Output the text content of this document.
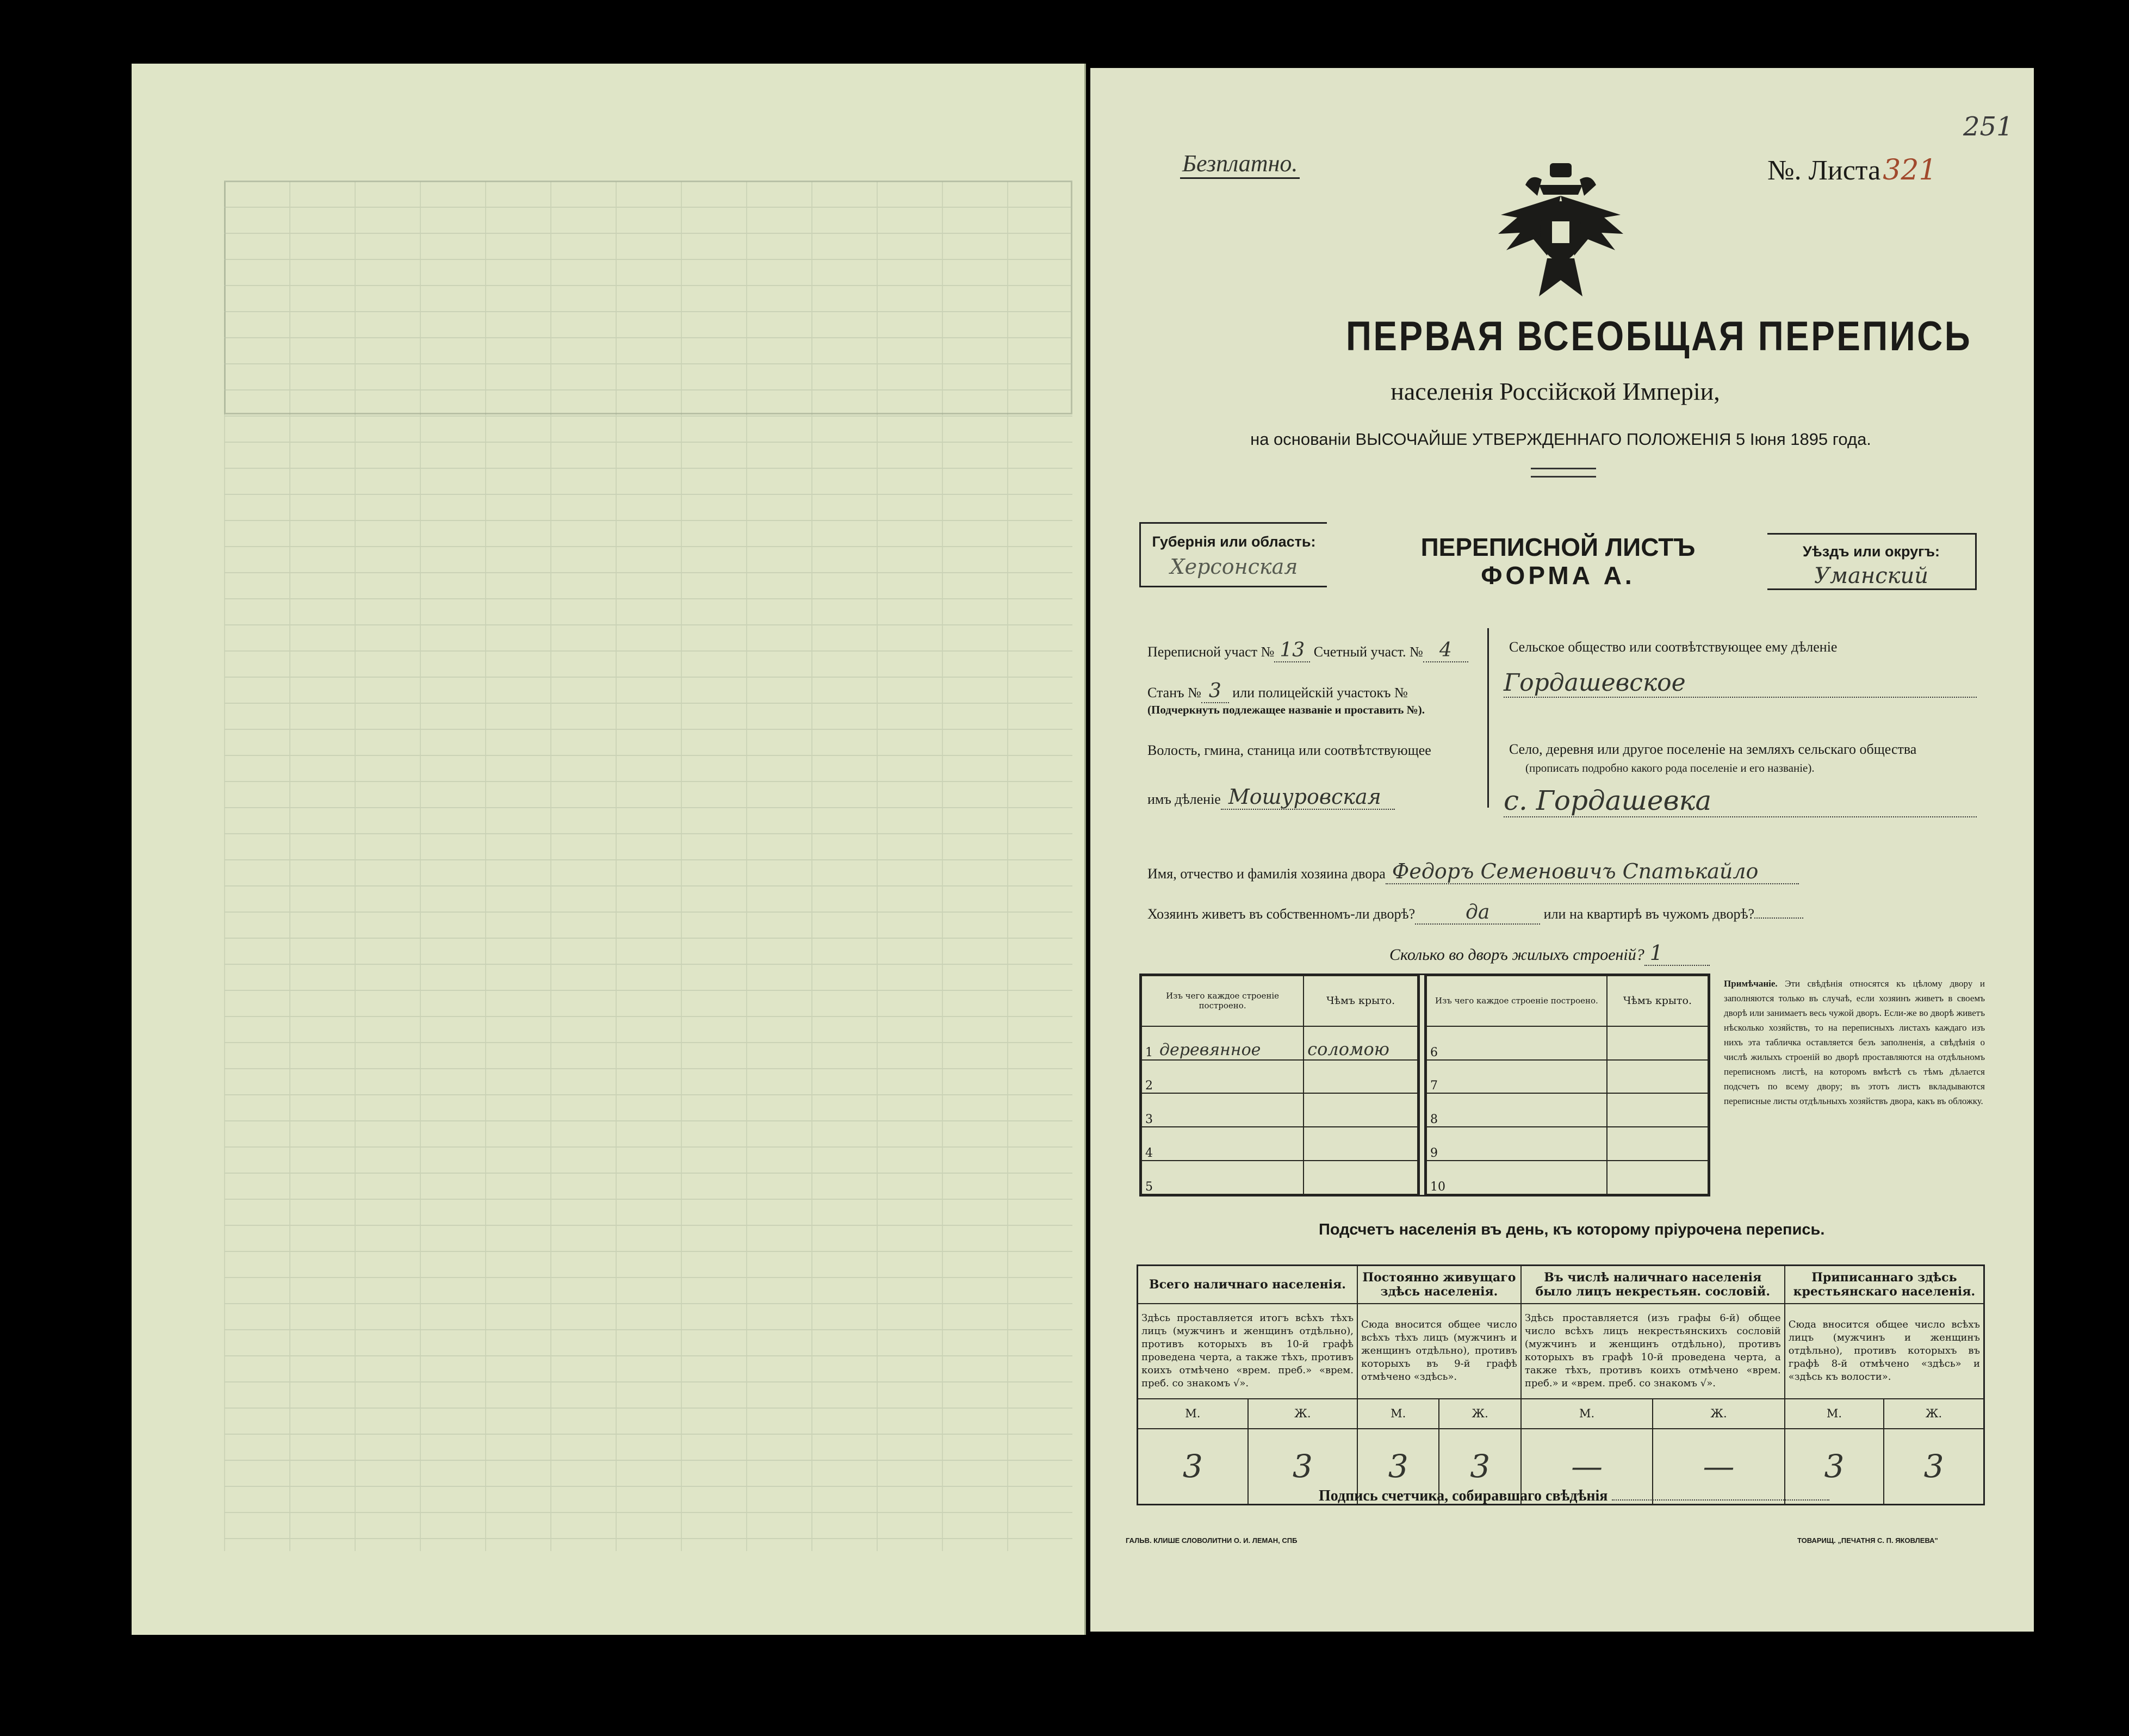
Безплатно.	№. Листа321
251
ПЕРВАЯ ВСЕОБЩАЯ ПЕРЕПИСЬ
населенія Россійской Имперіи,
на основаніи ВЫСОЧАЙШЕ УТВЕРЖДЕННАГО ПОЛОЖЕНІЯ 5 Іюня 1895 года.
Губернія или область:
Херсонская
ПЕРЕПИСНОЙ ЛИСТЪ
ФОРМА А.
Уѣздъ или округъ:
Уманский
Переписной участ № 13 Счетный участ. № 4
Станъ № 3 или полицейскій участокъ №
(Подчеркнуть подлежащее названіе и проставить №).
Волость, гмина, станица или соотвѣтствующее
имъ дѣленіе Мошуровская
Сельское общество или соотвѣтствующее ему дѣленіе
Гордашевское
Село, деревня или другое поселеніе на земляхъ сельскаго общества
(прописать подробно какого рода поселеніе и его названіе).
с. Гордашевка
Имя, отчество и фамилія хозяина двора Федоръ Семеновичъ Спатькайло
Хозяинъ живетъ въ собственномъ-ли дворѣ?	да	или на квартирѣ въ чужомъ дворѣ?
Сколько во дворъ жилыхъ строеній? 1
Изъ чего каждое строеніе построено.		Чѣмъ крыто.
1	деревянное	соломою
2		
3		
4		
5		
Изъ чего каждое строеніе построено.		Чѣмъ крыто.
6		
7		
8		
9		
10		
Примѣчаніе. Эти свѣдѣнія относятся къ цѣлому двору и заполняются только въ случаѣ, если хозяинъ живетъ в своемъ дворѣ или занимаетъ весь чужой дворъ. Если-же во дворѣ живетъ нѣсколько хозяйствъ, то на переписныхъ листахъ каждаго изъ нихъ эта табличка оставляется безъ заполненія, а свѣдѣнія о числѣ жилыхъ строеній во дворѣ проставляются на отдѣльномъ переписномъ листѣ, на которомъ вмѣстѣ съ тѣмъ дѣлается подсчетъ по всему двору; въ этотъ листъ вкладываются переписные листы отдѣльныхъ хозяйствъ двора, какъ въ обложку.
Подсчетъ населенія въ день, къ которому пріурочена перепись.
Всего наличнаго населенія.		Постоянно живущаго здѣсь населенія.		Въ числѣ наличнаго населенія было лицъ некрестьян. сословій.		Приписаннаго здѣсь крестьянскаго населенія.	
Здѣсь проставляется итогъ всѣхъ тѣхъ лицъ (мужчинъ и женщинъ отдѣльно), противъ которыхъ въ 10-й графѣ проведена черта, а также тѣхъ, противъ коихъ отмѣчено «врем. преб.» «врем. преб. со знакомъ √».		Сюда вносится общее число всѣхъ тѣхъ лицъ (мужчинъ и женщинъ отдѣльно), противъ которыхъ въ 9-й графѣ отмѣчено «здѣсь».		Здѣсь проставляется (изъ графы 6-й) общее число всѣхъ лицъ некрестьянскихъ сословій (мужчинъ и женщинъ отдѣльно), противъ которыхъ въ графѣ 10-й проведена черта, а также тѣхъ, противъ коихъ отмѣчено «врем. преб.» и «врем. преб. со знакомъ √».		Сюда вносится общее число всѣхъ лицъ (мужчинъ и женщинъ отдѣльно), противъ которыхъ въ графѣ 8-й отмѣчено «здѣсь» и «здѣсь къ волости».	
М.	Ж.	М.	Ж.	М.	Ж.	М.	Ж.
3	3	3	3	—	—	3	3
Подпись счетчика, собиравшаго свѣдѣнія
ГАЛЬВ. КЛИШЕ СЛОВОЛИТНИ О. И. ЛЕМАН, СПБ	ТОВАРИЩ. „ПЕЧАТНЯ С. П. ЯКОВЛЕВА"
